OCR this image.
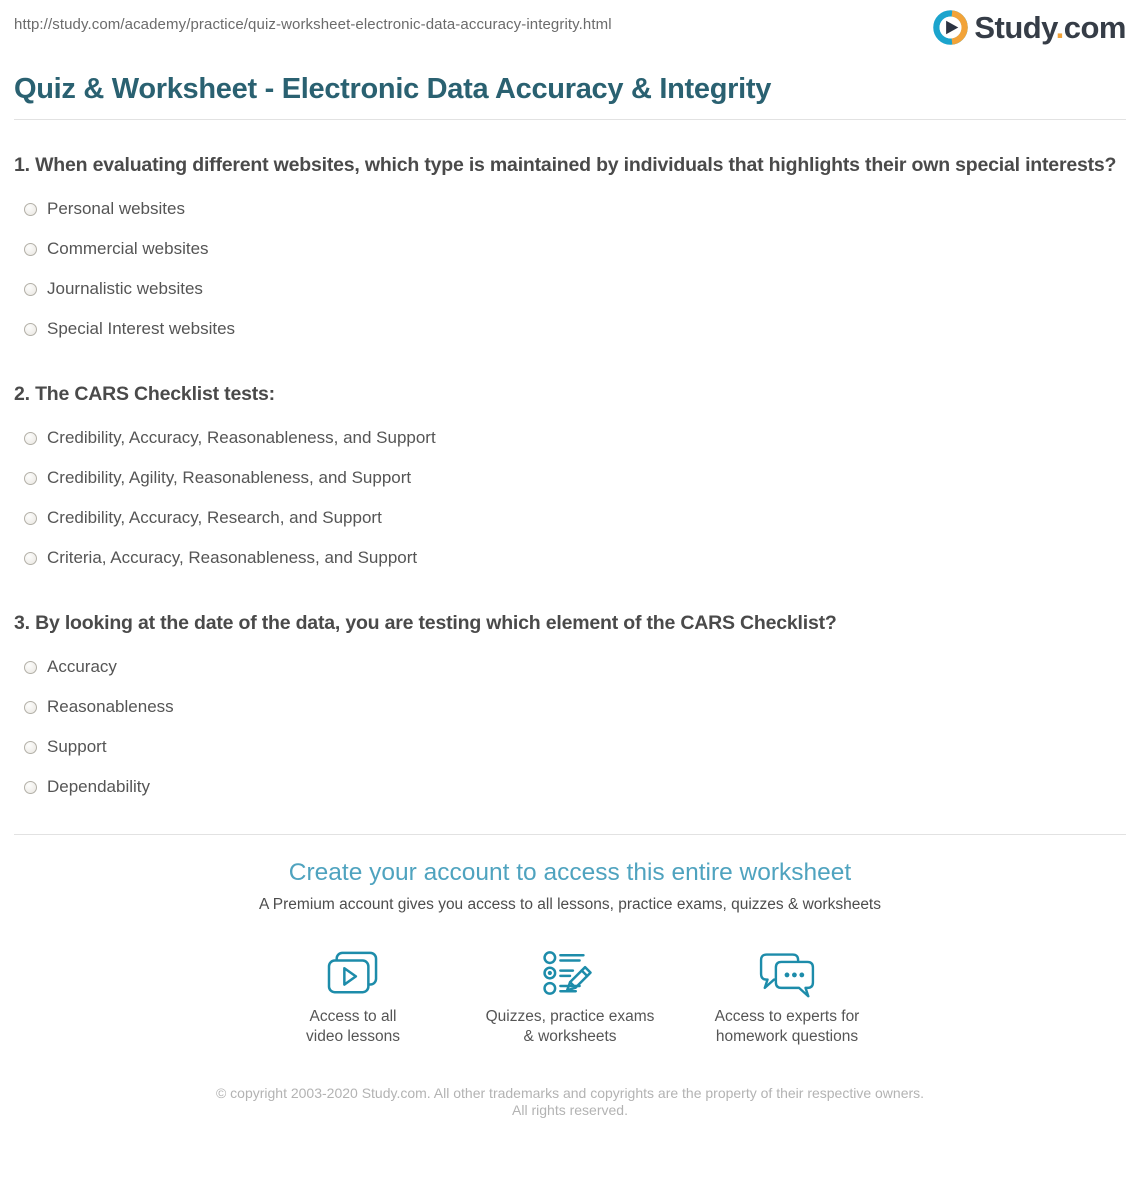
http://study.com/academy/practice/quiz-worksheet-electronic-data-accuracy-integrity.html	Study.com
Quiz & Worksheet - Electronic Data Accuracy & Integrity
1. When evaluating different websites, which type is maintained by individuals that highlights their own special interests?
Personal websites
Commercial websites
Journalistic websites
Special Interest websites
2. The CARS Checklist tests:
Credibility, Accuracy, Reasonableness, and Support
Credibility, Agility, Reasonableness, and Support
Credibility, Accuracy, Research, and Support
Criteria, Accuracy, Reasonableness, and Support
3. By looking at the date of the data, you are testing which element of the CARS Checklist?
Accuracy
Reasonableness
Support
Dependability
Create your account to access this entire worksheet
A Premium account gives you access to all lessons, practice exams, quizzes & worksheets
Access to all
video lessons
Quizzes, practice exams
& worksheets
Access to experts for
homework questions
© copyright 2003-2020 Study.com. All other trademarks and copyrights are the property of their respective owners. All rights reserved.
